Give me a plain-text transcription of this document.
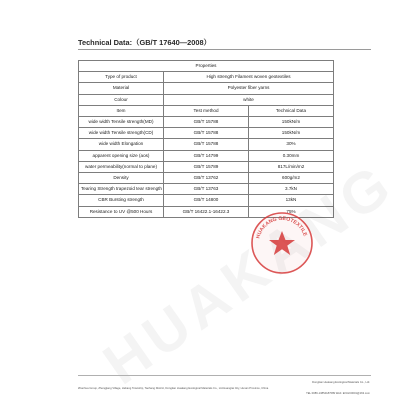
Technical Data:（GB/T 17640—2008）
Properties		
Type of product	High strength Filament woven geotextiles	
Material	Polyester fiber yarns	
Colour	white	
Item	Test method	Technical Data
wide width Tensile strength(MD)	GB/T 15788	150kN/m
wide width Tensile strength(CD)	GB/T 15788	150kN/m
wide width Elongation	GB/T 15788	30%
apparent opening size (aos)	GB/T 14799	0.30mm
water permeability(normal to plane)	GB/T 15789	817L/min/m2
Density	GB/T 13762	600g/m2
Tearing Strength trapezoid tear strength	GB/T 13763	3.7kN
CBR Bursting strength	GB/T 14800	13kN
Resistance to UV @500 Hours	GB/T 16422.1-16422.3	75%
HUAKANG GEOTEXTILE
Dongtian Huakang Ecological Materials Co., Ltd.
Zhanhua Group, Zhengjiang Village, Hebang Township, Taohang District, Dongtian Huakang Ecological Materials Co., Ltd.Huangtai City, Hunan Province, China
TEL:0086-13854187089 Web: EN:HK0001@163.com
